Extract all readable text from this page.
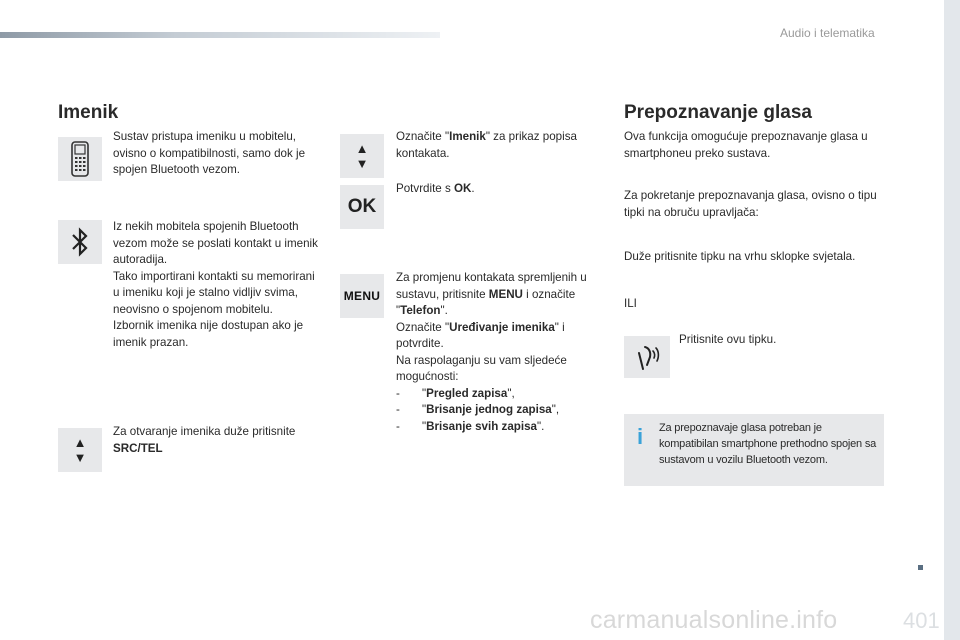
Audio i telematika
Imenik
Sustav pristupa imeniku u mobitelu, ovisno o kompatibilnosti, samo dok je spojen Bluetooth vezom.
Iz nekih mobitela spojenih Bluetooth vezom može se poslati kontakt u imenik autoradija.
Tako importirani kontakti su memorirani u imeniku koji je stalno vidljiv svima, neovisno o spojenom mobitelu.
Izbornik imenika nije dostupan ako je imenik prazan.
▲
▼
Za otvaranje imenika duže pritisnite
SRC/TEL
▲
▼
Označite "Imenik" za prikaz popisa kontakata.
OK
Potvrdite s OK.
MENU
Za promjenu kontakata spremljenih u sustavu, pritisnite MENU i označite "Telefon".
Označite "Uređivanje imenika" i potvrdite.
Na raspolaganju su vam sljedeće mogućnosti:
-	"Pregled zapisa",
-	"Brisanje jednog zapisa",
-	"Brisanje svih zapisa".
Prepoznavanje glasa
Ova funkcija omogućuje prepoznavanje glasa u smartphoneu preko sustava.
Za pokretanje prepoznavanja glasa, ovisno o tipu tipki na obruču upravljača:
Duže pritisnite tipku na vrhu sklopke svjetala.
ILI
Pritisnite ovu tipku.
i Za prepoznavaje glasa potreban je kompatibilan smartphone prethodno spojen sa sustavom u vozilu Bluetooth vezom.
carmanualsonline.info	401
